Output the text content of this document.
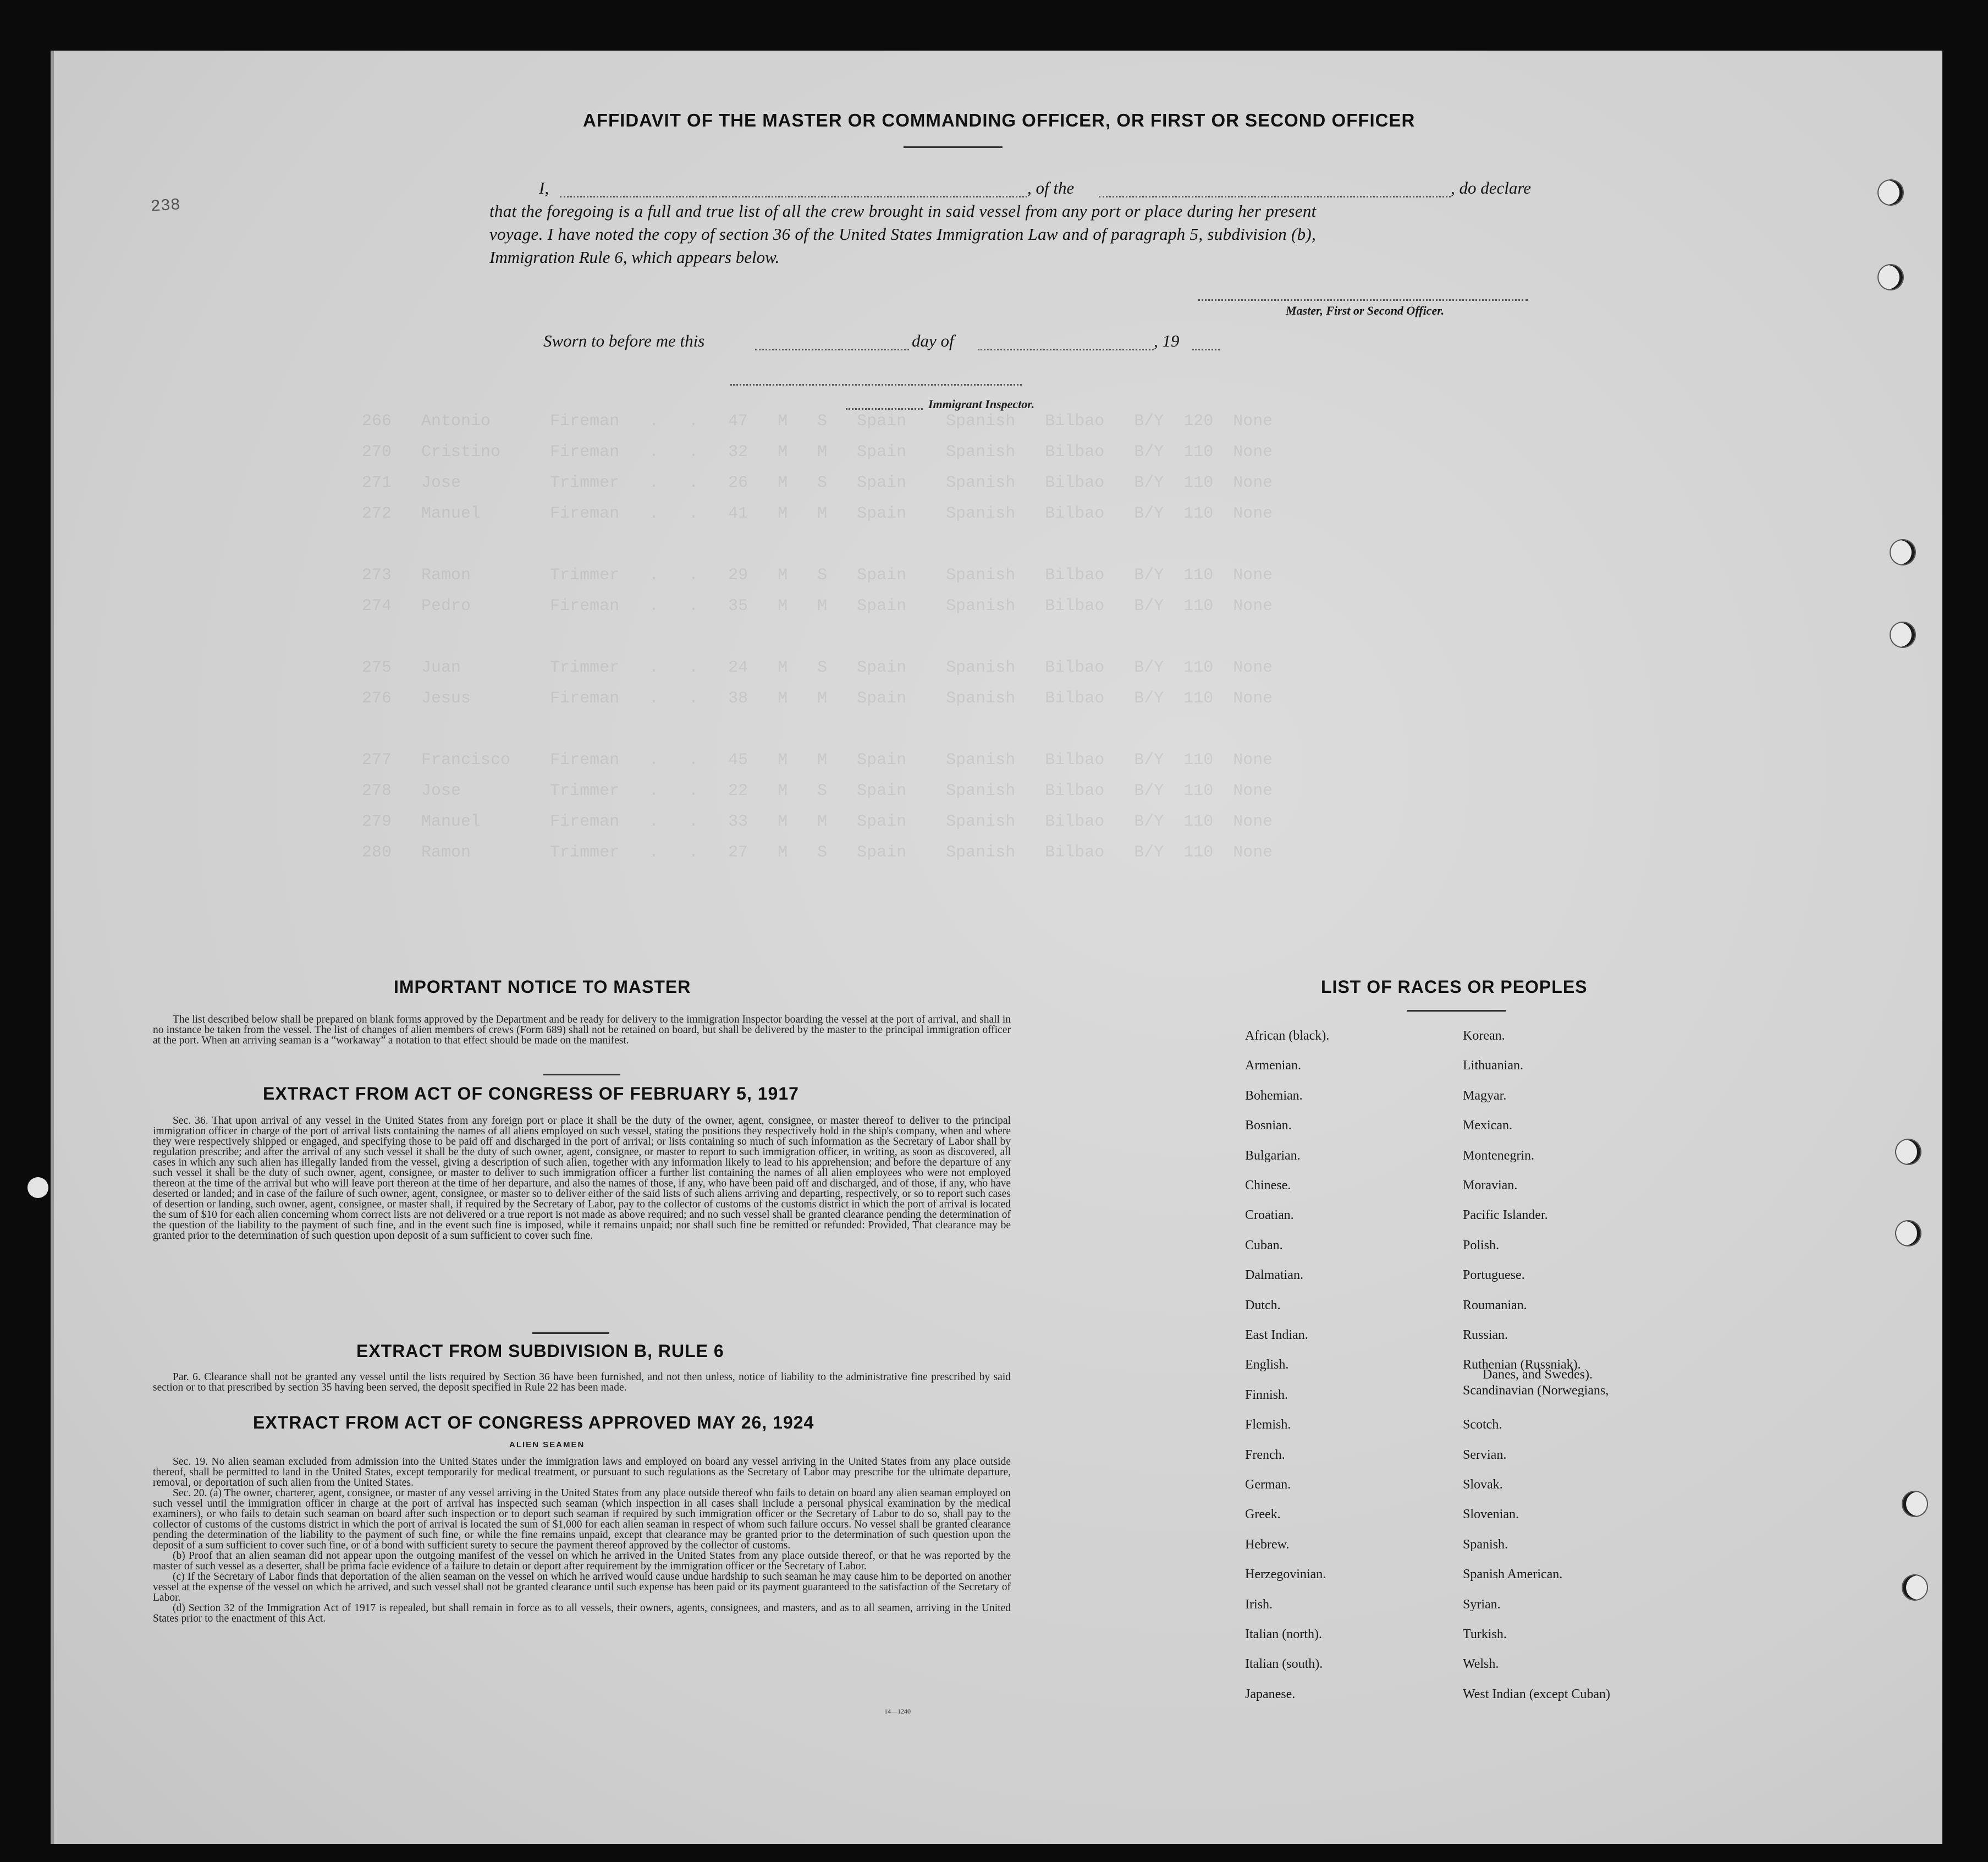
266   Antonio      Fireman   .   .   47   M   S   Spain    Spanish   Bilbao   B/Y  120  None
270   Cristino     Fireman   .   .   32   M   M   Spain    Spanish   Bilbao   B/Y  110  None
271   Jose         Trimmer   .   .   26   M   S   Spain    Spanish   Bilbao   B/Y  110  None
272   Manuel       Fireman   .   .   41   M   M   Spain    Spanish   Bilbao   B/Y  110  None

273   Ramon        Trimmer   .   .   29   M   S   Spain    Spanish   Bilbao   B/Y  110  None
274   Pedro        Fireman   .   .   35   M   M   Spain    Spanish   Bilbao   B/Y  110  None

275   Juan         Trimmer   .   .   24   M   S   Spain    Spanish   Bilbao   B/Y  110  None
276   Jesus        Fireman   .   .   38   M   M   Spain    Spanish   Bilbao   B/Y  110  None

277   Francisco    Fireman   .   .   45   M   M   Spain    Spanish   Bilbao   B/Y  110  None
278   Jose         Trimmer   .   .   22   M   S   Spain    Spanish   Bilbao   B/Y  110  None
279   Manuel       Fireman   .   .   33   M   M   Spain    Spanish   Bilbao   B/Y  110  None
280   Ramon        Trimmer   .   .   27   M   S   Spain    Spanish   Bilbao   B/Y  110  None

238
AFFIDAVIT OF THE MASTER OR COMMANDING OFFICER, OR FIRST OR SECOND OFFICER
I,	, of the	, do declare
that the foregoing is a full and true list of all the crew brought in said vessel from any port or place during her present
voyage. I have noted the copy of section 36 of the United States Immigration Law and of paragraph 5, subdivision (b),
Immigration Rule 6, which appears below.
Master, First or Second Officer.
Sworn to before me this	day of	, 19
Immigrant Inspector.
IMPORTANT NOTICE TO MASTER

The list described below shall be prepared on blank forms approved by the Department and be ready for delivery to the immigration Inspector boarding the vessel at the port of arrival, and shall in no instance be taken from the vessel. The list of changes of alien members of crews (Form 689) shall not be retained on board, but shall be delivered by the master to the principal immigration officer at the port. When an arriving seaman is a “workaway” a notation to that effect should be made on the manifest.

EXTRACT FROM ACT OF CONGRESS OF FEBRUARY 5, 1917

Sec. 36. That upon arrival of any vessel in the United States from any foreign port or place it shall be the duty of the owner, agent, consignee, or master thereof to deliver to the principal immigration officer in charge of the port of arrival lists containing the names of all aliens employed on such vessel, stating the positions they respectively hold in the ship's company, when and where they were respectively shipped or engaged, and specifying those to be paid off and discharged in the port of arrival; or lists containing so much of such information as the Secretary of Labor shall by regulation prescribe; and after the arrival of any such vessel it shall be the duty of such owner, agent, consignee, or master to report to such immigration officer, in writing, as soon as discovered, all cases in which any such alien has illegally landed from the vessel, giving a description of such alien, together with any information likely to lead to his apprehension; and before the departure of any such vessel it shall be the duty of such owner, agent, consignee, or master to deliver to such immigration officer a further list containing the names of all alien employees who were not employed thereon at the time of the arrival but who will leave port thereon at the time of her departure, and also the names of those, if any, who have been paid off and discharged, and of those, if any, who have deserted or landed; and in case of the failure of such owner, agent, consignee, or master so to deliver either of the said lists of such aliens arriving and departing, respectively, or so to report such cases of desertion or landing, such owner, agent, consignee, or master shall, if required by the Secretary of Labor, pay to the collector of customs of the customs district in which the port of arrival is located the sum of $10 for each alien concerning whom correct lists are not delivered or a true report is not made as above required; and no such vessel shall be granted clearance pending the determination of the question of the liability to the payment of such fine, and in the event such fine is imposed, while it remains unpaid; nor shall such fine be remitted or refunded: Provided, That clearance may be granted prior to the determination of such question upon deposit of a sum sufficient to cover such fine.

EXTRACT FROM SUBDIVISION B, RULE 6

Par. 6. Clearance shall not be granted any vessel until the lists required by Section 36 have been furnished, and not then unless, notice of liability to the administrative fine prescribed by said section or to that prescribed by section 35 having been served, the deposit specified in Rule 22 has been made.

EXTRACT FROM ACT OF CONGRESS APPROVED MAY 26, 1924
ALIEN SEAMEN

Sec. 19. No alien seaman excluded from admission into the United States under the immigration laws and employed on board any vessel arriving in the United States from any place outside thereof, shall be permitted to land in the United States, except temporarily for medical treatment, or pursuant to such regulations as the Secretary of Labor may prescribe for the ultimate departure, removal, or deportation of such alien from the United States.

Sec. 20. (a) The owner, charterer, agent, consignee, or master of any vessel arriving in the United States from any place outside thereof who fails to detain on board any alien seaman employed on such vessel until the immigration officer in charge at the port of arrival has inspected such seaman (which inspection in all cases shall include a personal physical examination by the medical examiners), or who fails to detain such seaman on board after such inspection or to deport such seaman if required by such immigration officer or the Secretary of Labor to do so, shall pay to the collector of customs of the customs district in which the port of arrival is located the sum of $1,000 for each alien seaman in respect of whom such failure occurs. No vessel shall be granted clearance pending the determination of the liability to the payment of such fine, or while the fine remains unpaid, except that clearance may be granted prior to the determination of such question upon the deposit of a sum sufficient to cover such fine, or of a bond with sufficient surety to secure the payment thereof approved by the collector of customs.

(b) Proof that an alien seaman did not appear upon the outgoing manifest of the vessel on which he arrived in the United States from any place outside thereof, or that he was reported by the master of such vessel as a deserter, shall be prima facie evidence of a failure to detain or deport after requirement by the immigration officer or the Secretary of Labor.

(c) If the Secretary of Labor finds that deportation of the alien seaman on the vessel on which he arrived would cause undue hardship to such seaman he may cause him to be deported on another vessel at the expense of the vessel on which he arrived, and such vessel shall not be granted clearance until such expense has been paid or its payment guaranteed to the satisfaction of the Secretary of Labor.

(d) Section 32 of the Immigration Act of 1917 is repealed, but shall remain in force as to all vessels, their owners, agents, consignees, and masters, and as to all seamen, arriving in the United States prior to the enactment of this Act.

14—1240
LIST OF RACES OR PEOPLES
African (black).
Armenian.
Bohemian.
Bosnian.
Bulgarian.
Chinese.
Croatian.
Cuban.
Dalmatian.
Dutch.
East Indian.
English.
Finnish.
Flemish.
French.
German.
Greek.
Hebrew.
Herzegovinian.
Irish.
Italian (north).
Italian (south).
Japanese.
Korean.
Lithuanian.
Magyar.
Mexican.
Montenegrin.
Moravian.
Pacific Islander.
Polish.
Portuguese.
Roumanian.
Russian.
Ruthenian (Russniak).
Scandinavian (Norwegians,
Danes, and Swedes).
Scotch.
Servian.
Slovak.
Slovenian.
Spanish.
Spanish American.
Syrian.
Turkish.
Welsh.
West Indian (except Cuban)
